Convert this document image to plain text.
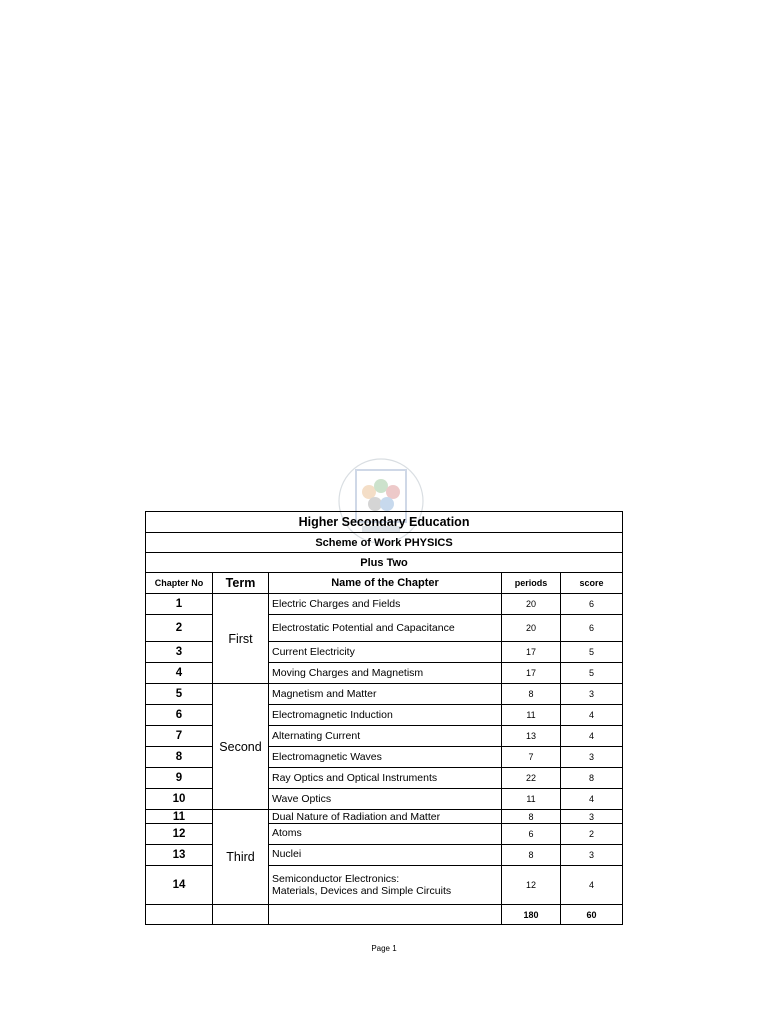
Higher Secondary Education				
Scheme of Work PHYSICS				
Plus Two				
Chapter No	Term	Name of the Chapter	periods	score
1	First	Electric Charges and Fields	20	6
2		Electrostatic Potential and Capacitance	20	6
3		Current Electricity	17	5
4		Moving Charges and Magnetism	17	5
5	Second	Magnetism and Matter	8	3
6		Electromagnetic Induction	11	4
7		Alternating Current	13	4
8		Electromagnetic Waves	7	3
9		Ray Optics and Optical Instruments	22	8
10		Wave Optics	11	4
11	Third	Dual Nature of Radiation and Matter	8	3
12		Atoms	6	2
13		Nuclei	8	3
14		Semiconductor Electronics:
Materials, Devices and Simple Circuits	12	4
			180	60
Page 1
